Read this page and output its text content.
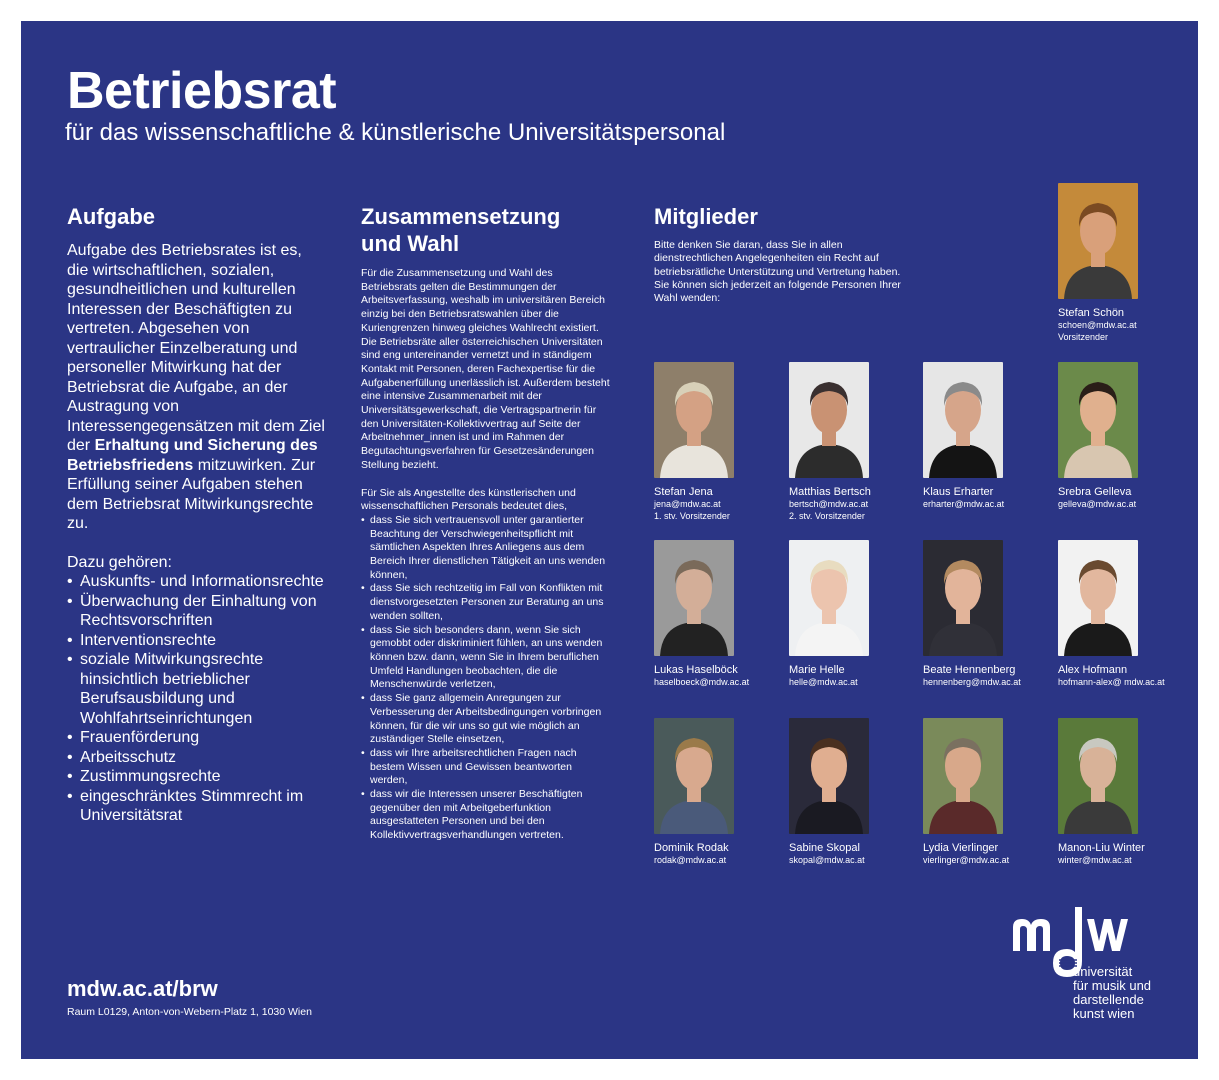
Betriebsrat
für das wissenschaftliche & künstlerische Universitätspersonal
Aufgabe

Aufgabe des Betriebsrates ist es, die wirtschaftlichen, sozialen, gesundheitlichen und kulturellen Interessen der Beschäftigten zu vertreten. Abgesehen von vertraulicher Einzelberatung und personeller Mitwirkung hat der Betriebsrat die Aufgabe, an der Austragung von Interessengegensätzen mit dem Ziel der Erhaltung und Sicherung des Betriebsfriedens mitzuwirken. Zur Erfüllung seiner Aufgaben stehen dem Betriebsrat Mitwirkungsrechte zu.

Dazu gehören:

• Auskunfts- und Informationsrechte
• Überwachung der Einhaltung von Rechtsvorschriften
• Interventionsrechte
• soziale Mitwirkungsrechte hinsichtlich betrieblicher Berufsausbildung und Wohlfahrtseinrichtungen
• Frauenförderung
• Arbeitsschutz
• Zustimmungsrechte
• eingeschränktes Stimmrecht im Universitätsrat
Zusammensetzung
und Wahl

Für die Zusammensetzung und Wahl des Betriebsrats gelten die Bestimmungen der Arbeitsverfassung, weshalb im universitären Bereich einzig bei den Betriebsratswahlen über die Kuriengrenzen hinweg gleiches Wahlrecht existiert. Die Betriebsräte aller österreichischen Universitäten sind eng untereinander vernetzt und in ständigem Kontakt mit Personen, deren Fachexpertise für die Aufgabenerfüllung unerlässlich ist. Außerdem besteht eine intensive Zusammenarbeit mit der Universitätsgewerkschaft, die Vertragspartnerin für den Universitäten-Kollektivvertrag auf Seite der Arbeitnehmer_innen ist und im Rahmen der Begutachtungsverfahren für Gesetzesänderungen Stellung bezieht.

Für Sie als Angestellte des künstlerischen und wissenschaftlichen Personals bedeutet dies,

• dass Sie sich vertrauensvoll unter garantierter Beachtung der Verschwiegenheitspflicht mit sämtlichen Aspekten Ihres Anliegens aus dem Bereich Ihrer dienstlichen Tätigkeit an uns wenden können,
• dass Sie sich rechtzeitig im Fall von Konflikten mit dienstvorgesetzten Personen zur Beratung an uns wenden sollten,
• dass Sie sich besonders dann, wenn Sie sich gemobbt oder diskriminiert fühlen, an uns wenden können bzw. dann, wenn Sie in Ihrem beruflichen Umfeld Handlungen beobachten, die die Menschenwürde verletzen,
• dass Sie ganz allgemein Anregungen zur Verbesserung der Arbeitsbedingungen vorbringen können, für die wir uns so gut wie möglich an zuständiger Stelle einsetzen,
• dass wir Ihre arbeitsrechtlichen Fragen nach bestem Wissen und Gewissen beantworten werden,
• dass wir die Interessen unserer Beschäftigten gegenüber den mit Arbeitgeberfunktion ausgestatteten Personen und bei den Kollektivvertragsverhandlungen vertreten.
Mitglieder
Bitte denken Sie daran, dass Sie in allen dienstrechtlichen Angelegenheiten ein Recht auf betriebsrätliche Unterstützung und Vertretung haben. Sie können sich jederzeit an folgende Personen Ihrer Wahl wenden:
Stefan Schön
schoen@mdw.ac.at
Vorsitzender
Stefan Jena
jena@mdw.ac.at
1. stv. Vorsitzender
Matthias Bertsch
bertsch@mdw.ac.at
2. stv. Vorsitzender
Klaus Erharter
erharter@mdw.ac.at
Srebra Gelleva
gelleva@mdw.ac.at
Lukas Haselböck
haselboeck@mdw.ac.at
Marie Helle
helle@mdw.ac.at
Beate Hennenberg
hennenberg@mdw.ac.at
Alex Hofmann
hofmann-alex@ mdw.ac.at
Dominik Rodak
rodak@mdw.ac.at
Sabine Skopal
skopal@mdw.ac.at
Lydia Vierlinger
vierlinger@mdw.ac.at
Manon-Liu Winter
winter@mdw.ac.at
mdw.ac.at/brw
Raum L0129, Anton-von-Webern-Platz 1, 1030 Wien
universität
für musik und
darstellende
kunst wien
